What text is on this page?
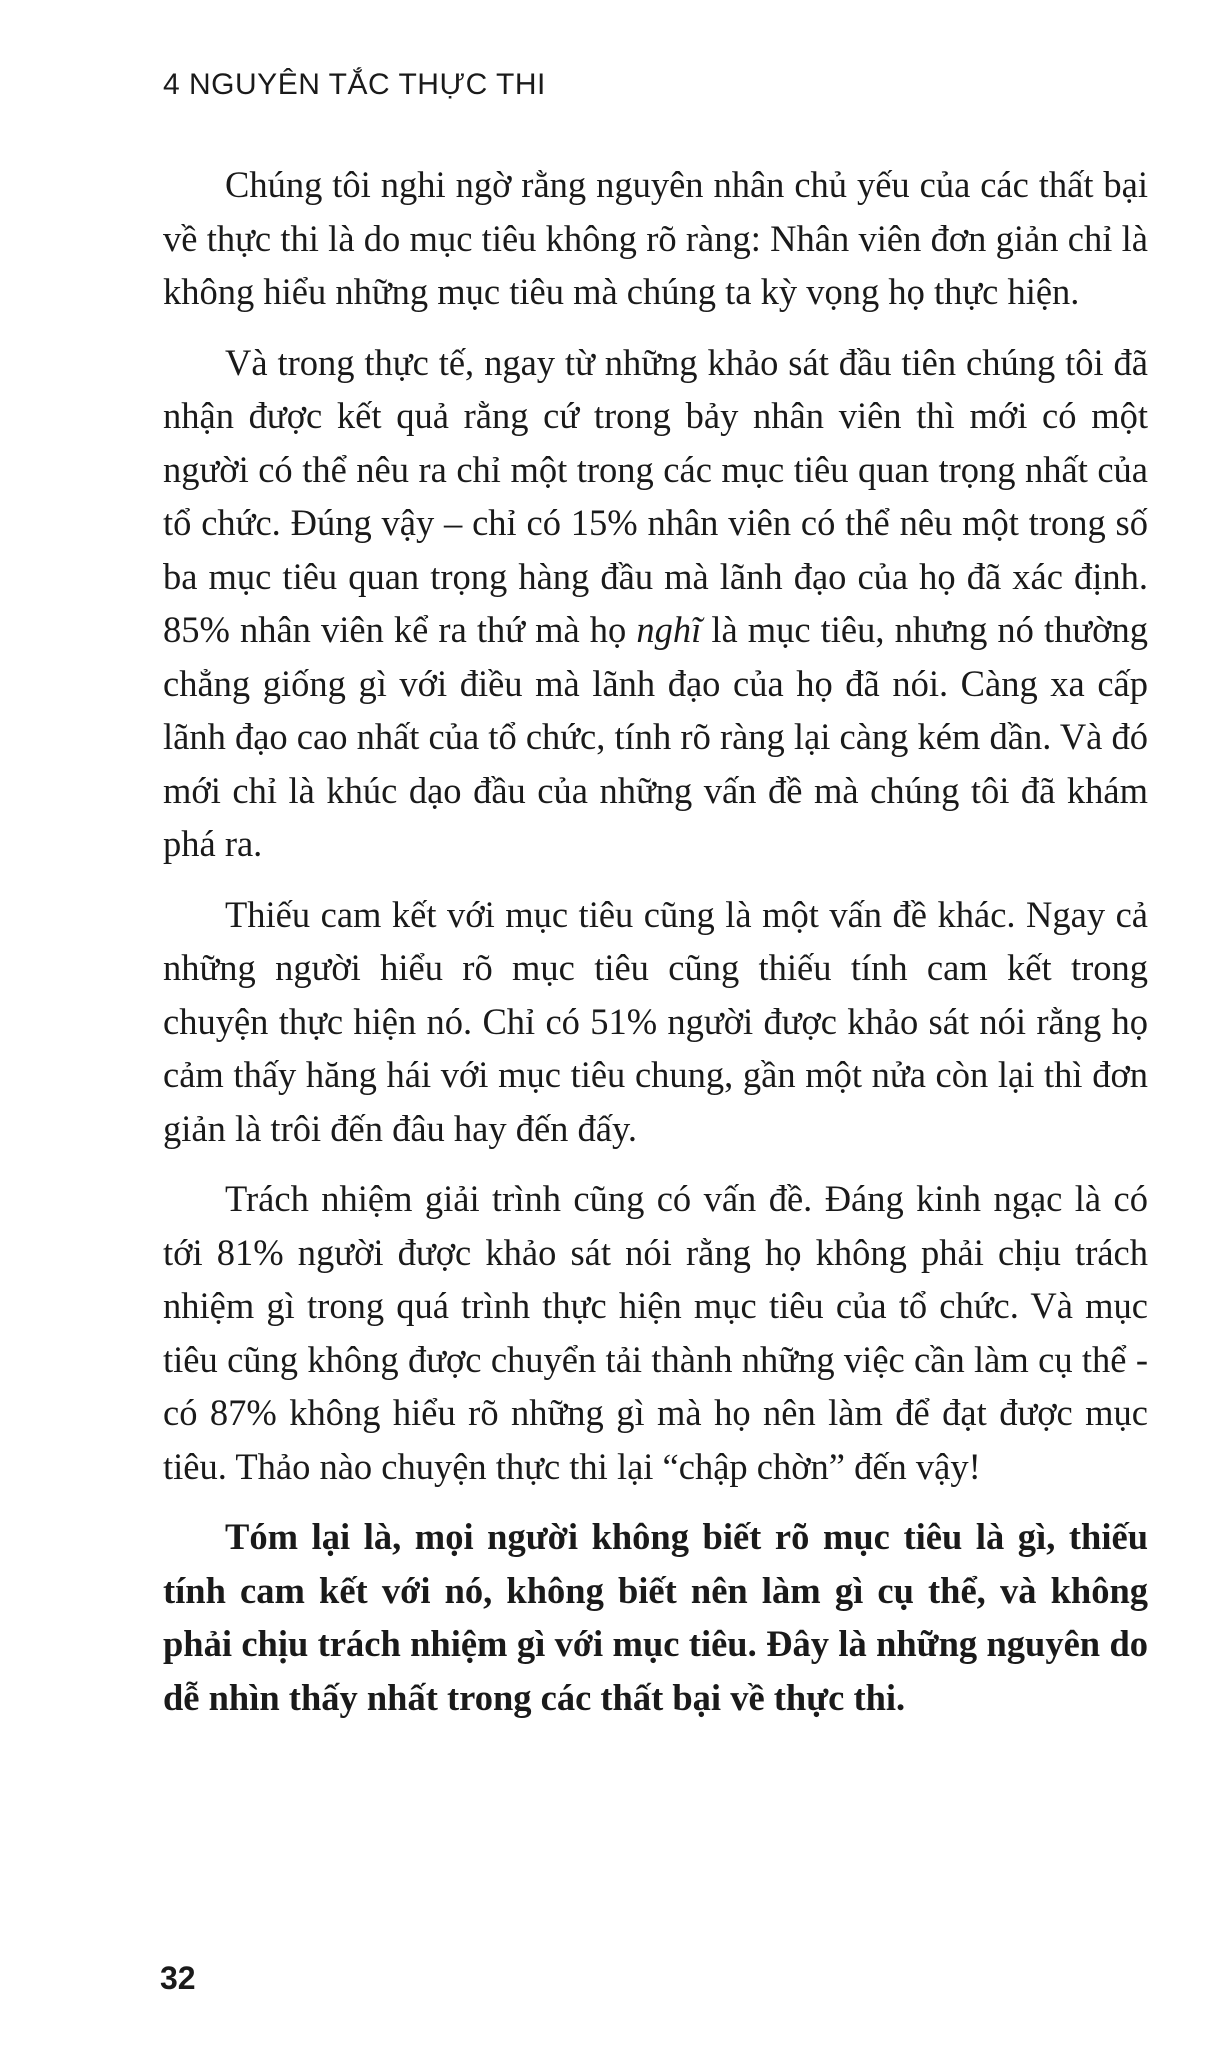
4 NGUYÊN TẮC THỰC THI

Chúng tôi nghi ngờ rằng nguyên nhân chủ yếu của các thất bại về thực thi là do mục tiêu không rõ ràng: Nhân viên đơn giản chỉ là không hiểu những mục tiêu mà chúng ta kỳ vọng họ thực hiện.

Và trong thực tế, ngay từ những khảo sát đầu tiên chúng tôi đã nhận được kết quả rằng cứ trong bảy nhân viên thì mới có một người có thể nêu ra chỉ một trong các mục tiêu quan trọng nhất của tổ chức. Đúng vậy – chỉ có 15% nhân viên có thể nêu một trong số ba mục tiêu quan trọng hàng đầu mà lãnh đạo của họ đã xác định. 85% nhân viên kể ra thứ mà họ nghĩ là mục tiêu, nhưng nó thường chẳng giống gì với điều mà lãnh đạo của họ đã nói. Càng xa cấp lãnh đạo cao nhất của tổ chức, tính rõ ràng lại càng kém dần. Và đó mới chỉ là khúc dạo đầu của những vấn đề mà chúng tôi đã khám phá ra.

Thiếu cam kết với mục tiêu cũng là một vấn đề khác. Ngay cả những người hiểu rõ mục tiêu cũng thiếu tính cam kết trong chuyện thực hiện nó. Chỉ có 51% người được khảo sát nói rằng họ cảm thấy hăng hái với mục tiêu chung, gần một nửa còn lại thì đơn giản là trôi đến đâu hay đến đấy.

Trách nhiệm giải trình cũng có vấn đề. Đáng kinh ngạc là có tới 81% người được khảo sát nói rằng họ không phải chịu trách nhiệm gì trong quá trình thực hiện mục tiêu của tổ chức. Và mục tiêu cũng không được chuyển tải thành những việc cần làm cụ thể - có 87% không hiểu rõ những gì mà họ nên làm để đạt được mục tiêu. Thảo nào chuyện thực thi lại “chập chờn” đến vậy!

Tóm lại là, mọi người không biết rõ mục tiêu là gì, thiếu tính cam kết với nó, không biết nên làm gì cụ thể, và không phải chịu trách nhiệm gì với mục tiêu. Đây là những nguyên do dễ nhìn thấy nhất trong các thất bại về thực thi.

32
